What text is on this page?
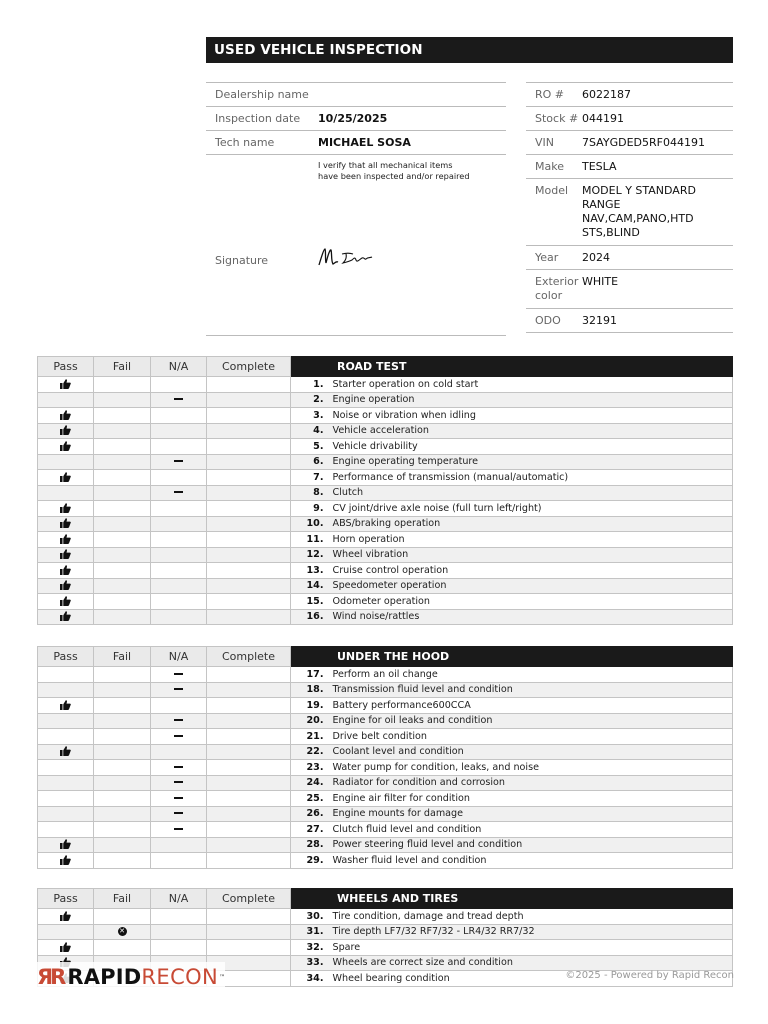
USED VEHICLE INSPECTION
Dealership name
Inspection date	10/25/2025
Tech name	MICHAEL SOSA
I verify that all mechanical items
have been inspected and/or repaired
Signature
RO #	6022187
Stock # 044191
VIN	7SAYGDED5RF044191
Make	TESLA
Model	MODEL Y STANDARD RANGE NAV,CAM,PANO,HTD STS,BLIND
Year	2024
Exterior color
WHITE
ODO	32191
Pass	Fail	N/A	Complete	ROAD TEST	
				1.	Starter operation on cold start
				2.	Engine operation
				3.	Noise or vibration when idling
				4.	Vehicle acceleration
				5.	Vehicle drivability
				6.	Engine operating temperature
				7.	Performance of transmission (manual/automatic)
				8.	Clutch
				9.	CV joint/drive axle noise (full turn left/right)
				10.	ABS/braking operation
				11.	Horn operation
				12.	Wheel vibration
				13.	Cruise control operation
				14.	Speedometer operation
				15.	Odometer operation
				16.	Wind noise/rattles
Pass	Fail	N/A	Complete	UNDER THE HOOD	
				17.	Perform an oil change
				18.	Transmission fluid level and condition
				19.	Battery performance600CCA
				20.	Engine for oil leaks and condition
				21.	Drive belt condition
				22.	Coolant level and condition
				23.	Water pump for condition, leaks, and noise
				24.	Radiator for condition and corrosion
				25.	Engine air filter for condition
				26.	Engine mounts for damage
				27.	Clutch fluid level and condition
				28.	Power steering fluid level and condition
				29.	Washer fluid level and condition
Pass	Fail	N/A	Complete	WHEELS AND TIRES	
				30.	Tire condition, damage and tread depth
	✕			31.	Tire depth LF7/32 RF7/32 - LR4/32 RR7/32
				32.	Spare
				33.	Wheels are correct size and condition
				34.	Wheel bearing condition
ЯR RAPID RECON ™	©2025 - Powered by Rapid Recon
